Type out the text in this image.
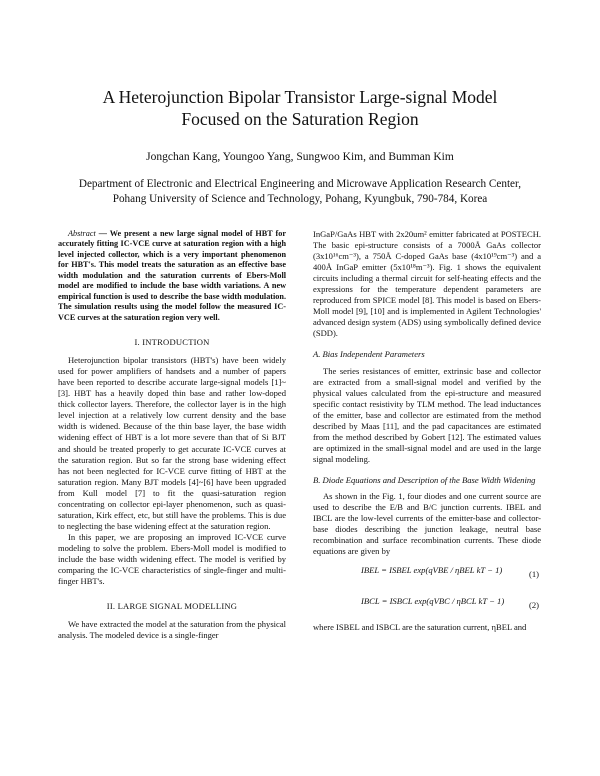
A Heterojunction Bipolar Transistor Large-signal Model
Focused on the Saturation Region
Jongchan Kang, Youngoo Yang, Sungwoo Kim, and Bumman Kim
Department of Electronic and Electrical Engineering and Microwave Application Research Center,
Pohang University of Science and Technology, Pohang, Kyungbuk, 790-784, Korea

Abstract — We present a new large signal model of HBT for accurately fitting IC-VCE curve at saturation region with a high level injected collector, which is a very important phenomenon for HBT's. This model treats the saturation as an effective base width modulation and the saturation currents of Ebers-Moll model are modified to include the base width variations. A new empirical function is used to describe the base width modulation. The simulation results using the model follow the measured IC-VCE curves at the saturation region very well.

I. INTRODUCTION

Heterojunction bipolar transistors (HBT's) have been widely used for power amplifiers of handsets and a number of papers have been reported to describe accurate large-signal models [1]~[3]. HBT has a heavily doped thin base and rather low-doped thick collector layers. Therefore, the collector layer is in the high level injection at a relatively low current density and the base width is widened. Because of the thin base layer, the base width widening effect of HBT is a lot more severe than that of Si BJT and should be treated properly to get accurate IC-VCE curves at the saturation region. But so far the strong base widening effect has not been neglected for IC-VCE curve fitting of HBT at the saturation region. Many BJT models [4]~[6] have been upgraded from Kull model [7] to fit the quasi-saturation region concentrating on collector epi-layer phenomenon, such as quasi-saturation, Kirk effect, etc, but still have the problems. This is due to neglecting the base widening effect at the saturation region.

In this paper, we are proposing an improved IC-VCE curve modeling to solve the problem. Ebers-Moll model is modified to include the base width widening effect. The model is verified by comparing the IC-VCE characteristics of single-finger and multi-finger HBT's.

II. LARGE SIGNAL MODELLING

We have extracted the model at the saturation from the physical analysis. The modeled device is a single-finger

InGaP/GaAs HBT with 2x20um² emitter fabricated at POSTECH. The basic epi-structure consists of a 7000Å GaAs collector (3x10¹⁶cm⁻³), a 750Å C-doped GaAs base (4x10¹⁹cm⁻³) and a 400Å InGaP emitter (5x10¹⁸m⁻³). Fig. 1 shows the equivalent circuits including a thermal circuit for self-heating effects and the expressions for the temperature dependent parameters are reproduced from SPICE model [8]. This model is based on Ebers-Moll model [9], [10] and is implemented in Agilent Technologies' advanced design system (ADS) using symbolically defined device (SDD).

A. Bias Independent Parameters

The series resistances of emitter, extrinsic base and collector are extracted from a small-signal model and verified by the physical values calculated from the epi-structure and measured specific contact resistivity by TLM method. The lead inductances of the emitter, base and collector are estimated from the method described by Maas [11], and the pad capacitances are estimated from the method described by Gobert [12]. The estimated values are optimized in the small-signal model and are used in the large signal modeling.

B. Diode Equations and Description of the Base Width Widening

As shown in the Fig. 1, four diodes and one current source are used to describe the E/B and B/C junction currents. IBEL and IBCL are the low-level currents of the emitter-base and collector-base diodes describing the junction leakage, neutral base recombination and surface recombination currents. These diode equations are given by

IBEL = ISBEL exp(qVBE / ηBEL kT − 1)	(1)
IBCL = ISBCL exp(qVBC / ηBCL kT − 1)	(2)

where ISBEL and ISBCL are the saturation current, ηBEL and
